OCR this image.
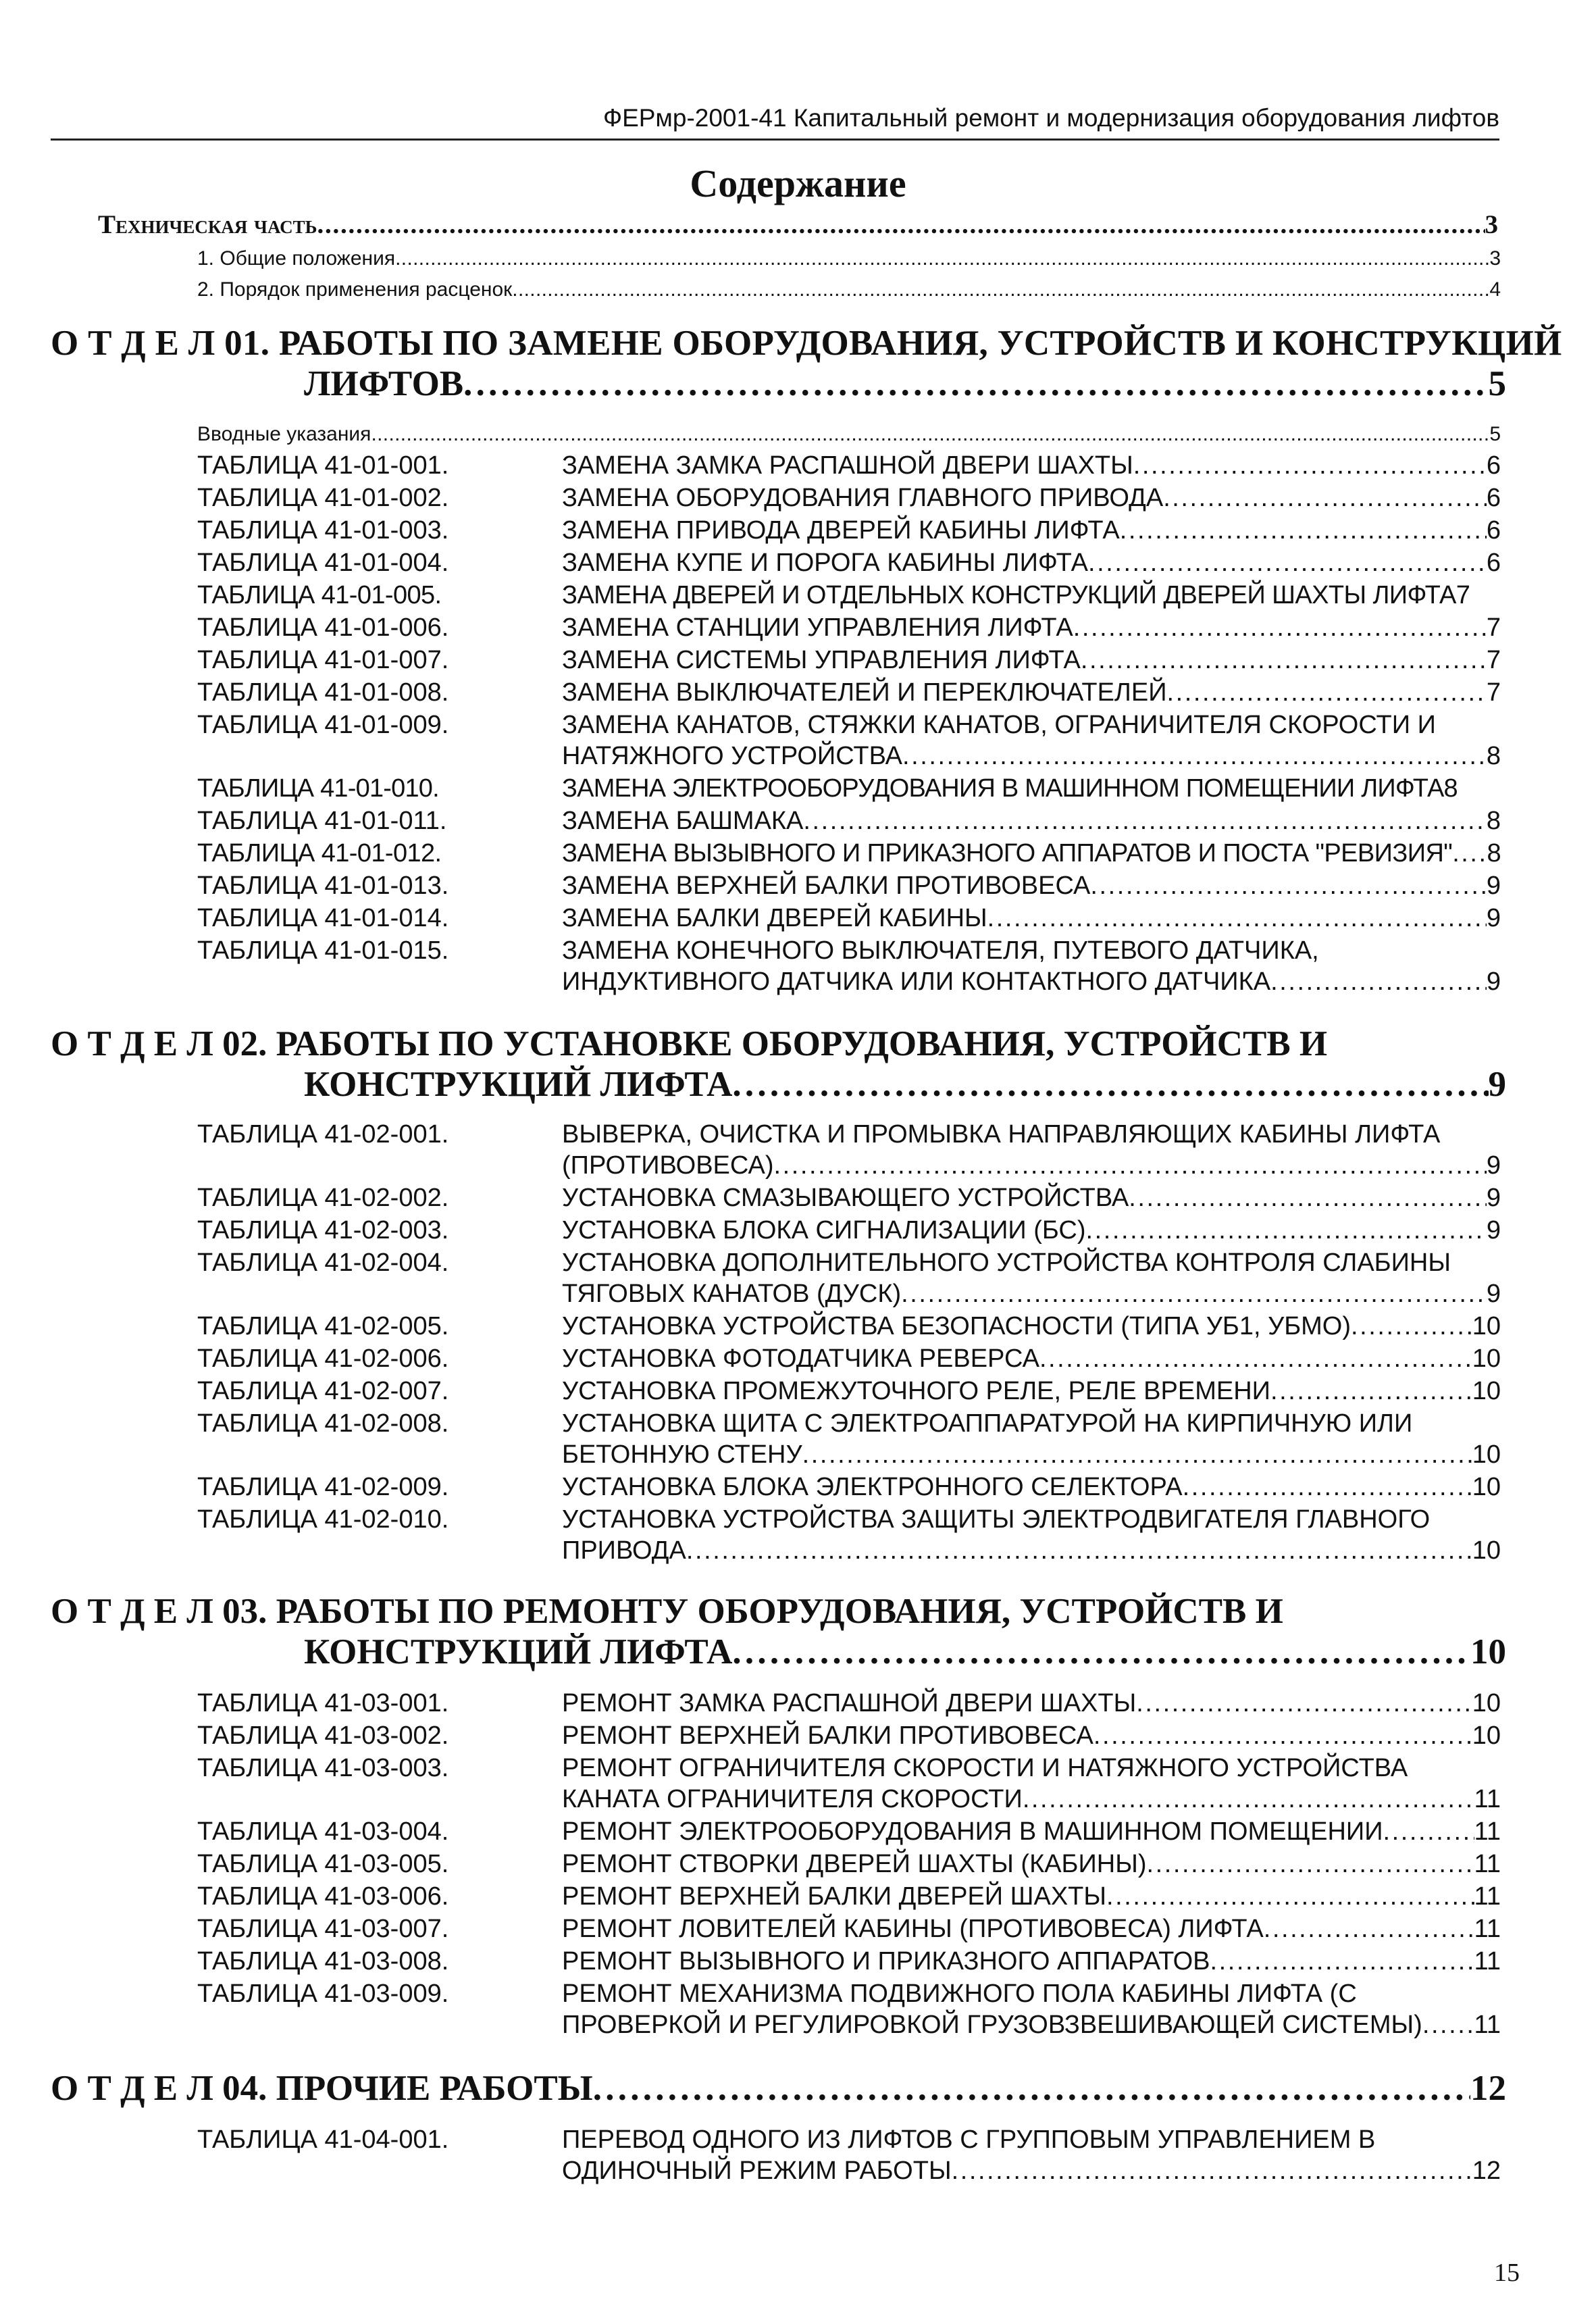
ФЕРмр-2001-41 Капитальный ремонт и модернизация оборудования лифтов
Содержание
Техническая часть . . .	3
1. Общие положения . . .	3
2. Порядок применения расценок . . .	4
О Т Д Е Л 01. РАБОТЫ ПО ЗАМЕНЕ ОБОРУДОВАНИЯ, УСТРОЙСТВ И КОНСТРУКЦИЙ
ЛИФТОВ . . .	5
Вводные указания . . .	5
ТАБЛИЦА 41-01-001.	ЗАМЕНА ЗАМКА РАСПАШНОЙ ДВЕРИ ШАХТЫ . . .	6
ТАБЛИЦА 41-01-002.	ЗАМЕНА ОБОРУДОВАНИЯ ГЛАВНОГО ПРИВОДА . . .	6
ТАБЛИЦА 41-01-003.	ЗАМЕНА ПРИВОДА ДВЕРЕЙ КАБИНЫ ЛИФТА . . .	6
ТАБЛИЦА 41-01-004.	ЗАМЕНА КУПЕ И ПОРОГА КАБИНЫ ЛИФТА . . .	6
ТАБЛИЦА 41-01-005.	ЗАМЕНА ДВЕРЕЙ И ОТДЕЛЬНЫХ КОНСТРУКЦИЙ ДВЕРЕЙ ШАХТЫ ЛИФТА 7
ТАБЛИЦА 41-01-006.	ЗАМЕНА СТАНЦИИ УПРАВЛЕНИЯ ЛИФТА . . .	7
ТАБЛИЦА 41-01-007.	ЗАМЕНА СИСТЕМЫ УПРАВЛЕНИЯ ЛИФТА . . .	7
ТАБЛИЦА 41-01-008.	ЗАМЕНА ВЫКЛЮЧАТЕЛЕЙ И ПЕРЕКЛЮЧАТЕЛЕЙ . . .	7
ТАБЛИЦА 41-01-009.	ЗАМЕНА КАНАТОВ, СТЯЖКИ КАНАТОВ, ОГРАНИЧИТЕЛЯ СКОРОСТИ И
НАТЯЖНОГО УСТРОЙСТВА . . .	8
ТАБЛИЦА 41-01-010.	ЗАМЕНА ЭЛЕКТРООБОРУДОВАНИЯ В МАШИННОМ ПОМЕЩЕНИИ ЛИФТА 8
ТАБЛИЦА 41-01-011.	ЗАМЕНА БАШМАКА . . .	8
ТАБЛИЦА 41-01-012.	ЗАМЕНА ВЫЗЫВНОГО И ПРИКАЗНОГО АППАРАТОВ И ПОСТА "РЕВИЗИЯ" . . . 8
ТАБЛИЦА 41-01-013.	ЗАМЕНА ВЕРХНЕЙ БАЛКИ ПРОТИВОВЕСА . . .	9
ТАБЛИЦА 41-01-014.	ЗАМЕНА БАЛКИ ДВЕРЕЙ КАБИНЫ . . .	9
ТАБЛИЦА 41-01-015.	ЗАМЕНА КОНЕЧНОГО ВЫКЛЮЧАТЕЛЯ, ПУТЕВОГО ДАТЧИКА,
ИНДУКТИВНОГО ДАТЧИКА ИЛИ КОНТАКТНОГО ДАТЧИКА . . .	9
О Т Д Е Л 02. РАБОТЫ ПО УСТАНОВКЕ ОБОРУДОВАНИЯ, УСТРОЙСТВ И
КОНСТРУКЦИЙ ЛИФТА . . .	9
ТАБЛИЦА 41-02-001.	ВЫВЕРКА, ОЧИСТКА И ПРОМЫВКА НАПРАВЛЯЮЩИХ КАБИНЫ ЛИФТА
(ПРОТИВОВЕСА) . . .	9
ТАБЛИЦА 41-02-002.	УСТАНОВКА СМАЗЫВАЮЩЕГО УСТРОЙСТВА . . .	9
ТАБЛИЦА 41-02-003.	УСТАНОВКА БЛОКА СИГНАЛИЗАЦИИ (БС) . . .	9
ТАБЛИЦА 41-02-004.	УСТАНОВКА ДОПОЛНИТЕЛЬНОГО УСТРОЙСТВА КОНТРОЛЯ СЛАБИНЫ
ТЯГОВЫХ КАНАТОВ (ДУСК) . . .	9
ТАБЛИЦА 41-02-005.	УСТАНОВКА УСТРОЙСТВА БЕЗОПАСНОСТИ (ТИПА УБ1, УБМО) . . .	10
ТАБЛИЦА 41-02-006.	УСТАНОВКА ФОТОДАТЧИКА РЕВЕРСА . . .	10
ТАБЛИЦА 41-02-007.	УСТАНОВКА ПРОМЕЖУТОЧНОГО РЕЛЕ, РЕЛЕ ВРЕМЕНИ . . .	10
ТАБЛИЦА 41-02-008.	УСТАНОВКА ЩИТА С ЭЛЕКТРОАППАРАТУРОЙ НА КИРПИЧНУЮ ИЛИ
БЕТОННУЮ СТЕНУ . . .	10
ТАБЛИЦА 41-02-009.	УСТАНОВКА БЛОКА ЭЛЕКТРОННОГО СЕЛЕКТОРА . . .	10
ТАБЛИЦА 41-02-010.	УСТАНОВКА УСТРОЙСТВА ЗАЩИТЫ ЭЛЕКТРОДВИГАТЕЛЯ ГЛАВНОГО
ПРИВОДА . . .	10
О Т Д Е Л 03. РАБОТЫ ПО РЕМОНТУ ОБОРУДОВАНИЯ, УСТРОЙСТВ И
КОНСТРУКЦИЙ ЛИФТА . . .	10
ТАБЛИЦА 41-03-001.	РЕМОНТ ЗАМКА РАСПАШНОЙ ДВЕРИ ШАХТЫ . . .	10
ТАБЛИЦА 41-03-002.	РЕМОНТ ВЕРХНЕЙ БАЛКИ ПРОТИВОВЕСА . . .	10
ТАБЛИЦА 41-03-003.	РЕМОНТ ОГРАНИЧИТЕЛЯ СКОРОСТИ И НАТЯЖНОГО УСТРОЙСТВА
КАНАТА ОГРАНИЧИТЕЛЯ СКОРОСТИ . . .	11
ТАБЛИЦА 41-03-004.	РЕМОНТ ЭЛЕКТРООБОРУДОВАНИЯ В МАШИННОМ ПОМЕЩЕНИИ . . .	11
ТАБЛИЦА 41-03-005.	РЕМОНТ СТВОРКИ ДВЕРЕЙ ШАХТЫ (КАБИНЫ) . . .	11
ТАБЛИЦА 41-03-006.	РЕМОНТ ВЕРХНЕЙ БАЛКИ ДВЕРЕЙ ШАХТЫ . . .	11
ТАБЛИЦА 41-03-007.	РЕМОНТ ЛОВИТЕЛЕЙ КАБИНЫ (ПРОТИВОВЕСА) ЛИФТА . . .	11
ТАБЛИЦА 41-03-008.	РЕМОНТ ВЫЗЫВНОГО И ПРИКАЗНОГО АППАРАТОВ . . .	11
ТАБЛИЦА 41-03-009.	РЕМОНТ МЕХАНИЗМА ПОДВИЖНОГО ПОЛА КАБИНЫ ЛИФТА (С
ПРОВЕРКОЙ И РЕГУЛИРОВКОЙ ГРУЗОВЗВЕШИВАЮЩЕЙ СИСТЕМЫ) . . . 11
О Т Д Е Л 04. ПРОЧИЕ РАБОТЫ . . .	12
ТАБЛИЦА 41-04-001.	ПЕРЕВОД ОДНОГО ИЗ ЛИФТОВ С ГРУППОВЫМ УПРАВЛЕНИЕМ В
ОДИНОЧНЫЙ РЕЖИМ РАБОТЫ . . .	12
15
